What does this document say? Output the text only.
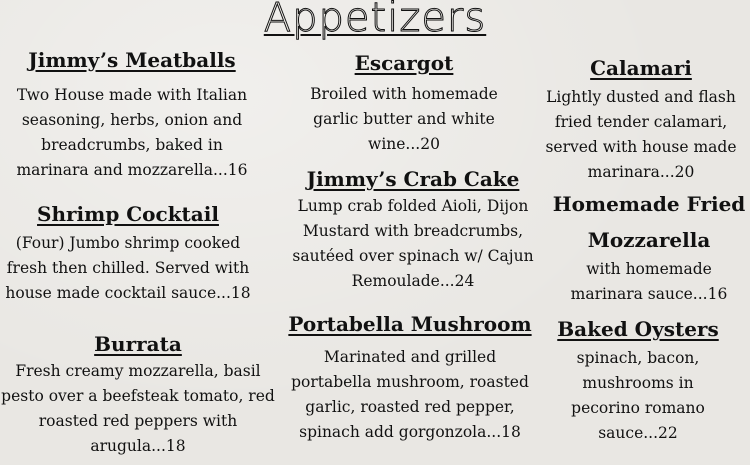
Appetizers
Jimmy’s Meatballs
Two House made with Italian seasoning, herbs, onion and breadcrumbs, baked in marinara and mozzarella...16
Shrimp Cocktail
(Four) Jumbo shrimp cooked fresh then chilled. Served with house made cocktail sauce...18
Burrata
Fresh creamy mozzarella, basil pesto over a beefsteak tomato, red roasted red peppers with arugula...18
Escargot
Broiled with homemade garlic butter and white wine...20
Jimmy’s Crab Cake
Lump crab folded Aioli, Dijon Mustard with breadcrumbs, sautéed over spinach w/ Cajun Remoulade...24
Portabella Mushroom
Marinated and grilled portabella mushroom, roasted garlic, roasted red pepper, spinach add gorgonzola...18
Calamari
Lightly dusted and flash fried tender calamari, served with house made marinara...20
Homemade Fried
Mozzarella
with homemade marinara sauce...16
Baked Oysters
spinach, bacon, mushrooms in pecorino romano sauce...22
